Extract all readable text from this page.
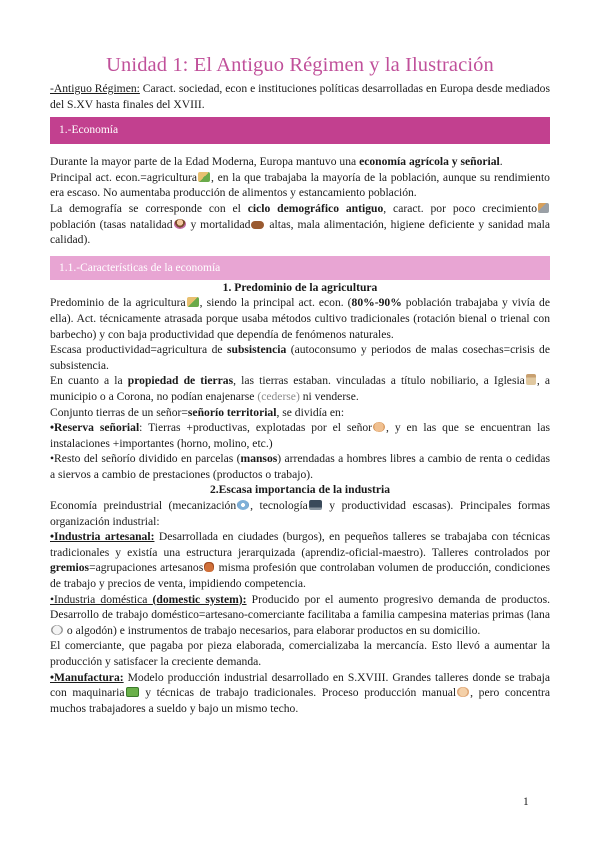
Unidad 1: El Antiguo Régimen y la Ilustración

-Antiguo Régimen: Caract. sociedad, econ e instituciones políticas desarrolladas en Europa desde mediados del S.XV hasta finales del XVIII.

1.-Economía

Durante la mayor parte de la Edad Moderna, Europa mantuvo una economía agrícola y señorial.

Principal act. econ.=agricultura , en la que trabajaba la mayoría de la población, aunque su rendimiento era escaso. No aumentaba producción de alimentos y estancamiento población.

La demografía se corresponde con el ciclo demográfico antiguo, caract. por poco crecimiento población (tasas natalidad y mortalidad altas, mala alimentación, higiene deficiente y sanidad mala calidad).

1.1.-Características de la economía

1. Predominio de la agricultura

Predominio de la agricultura , siendo la principal act. econ. (80%-90% población trabajaba y vivía de ella). Act. técnicamente atrasada porque usaba métodos cultivo tradicionales (rotación bienal o trienal con barbecho) y con baja productividad que dependía de fenómenos naturales.

Escasa productividad=agricultura de subsistencia (autoconsumo y periodos de malas cosechas=crisis de subsistencia.

En cuanto a la propiedad de tierras, las tierras estaban. vinculadas a título nobiliario, a Iglesia , a municipio o a Corona, no podían enajenarse (cederse) ni venderse.

Conjunto tierras de un señor=señorío territorial, se dividía en:

•Reserva señorial: Tierras +productivas, explotadas por el señor , y en las que se encuentran las instalaciones +importantes (horno, molino, etc.)

•Resto del señorío dividido en parcelas (mansos) arrendadas a hombres libres a cambio de renta o cedidas a siervos a cambio de prestaciones (productos o trabajo).

2.Escasa importancia de la industria

Economía preindustrial (mecanización , tecnología y productividad escasas). Principales formas organización industrial:

•Industria artesanal: Desarrollada en ciudades (burgos), en pequeños talleres se trabajaba con técnicas tradicionales y existía una estructura jerarquizada (aprendiz-oficial-maestro). Talleres controlados por gremios=agrupaciones artesanos misma profesión que controlaban volumen de producción, condiciones de trabajo y precios de venta, impidiendo competencia.

•Industria doméstica (domestic system): Producido por el aumento progresivo demanda de productos. Desarrollo de trabajo doméstico=artesano-comerciante facilitaba a familia campesina materias primas (lana o algodón) e instrumentos de trabajo necesarios, para elaborar productos en su domicilio.

El comerciante, que pagaba por pieza elaborada, comercializaba la mercancía. Esto llevó a aumentar la producción y satisfacer la creciente demanda.

•Manufactura: Modelo producción industrial desarrollado en S.XVIII. Grandes talleres donde se trabaja con maquinaria y técnicas de trabajo tradicionales. Proceso producción manual , pero concentra muchos trabajadores a sueldo y bajo un mismo techo.

1
